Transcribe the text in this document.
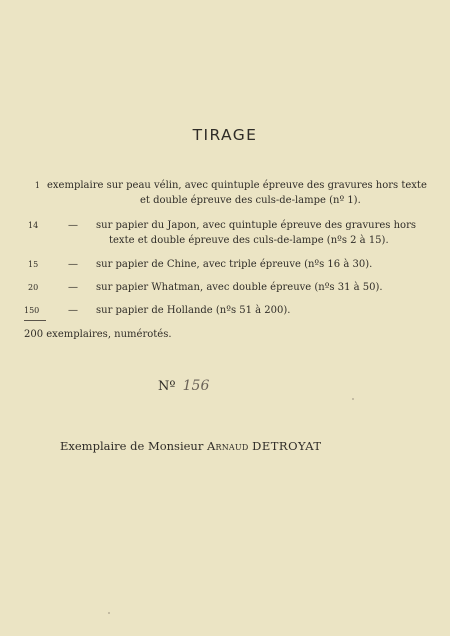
TIRAGE
1 exemplaire sur peau vélin, avec quintuple épreuve des gravures hors texte
et double épreuve des culs-de-lampe (nº 1).
14	— sur papier du Japon, avec quintuple épreuve des gravures hors
texte et double épreuve des culs-de-lampe (nºs 2 à 15).
15	— sur papier de Chine, avec triple épreuve (nºs 16 à 30).
20	— sur papier Whatman, avec double épreuve (nºs 31 à 50).
150	— sur papier de Hollande (nºs 51 à 200).
200 exemplaires, numérotés.
Nº 156
Exemplaire de Monsieur Arnaud DETROYAT
